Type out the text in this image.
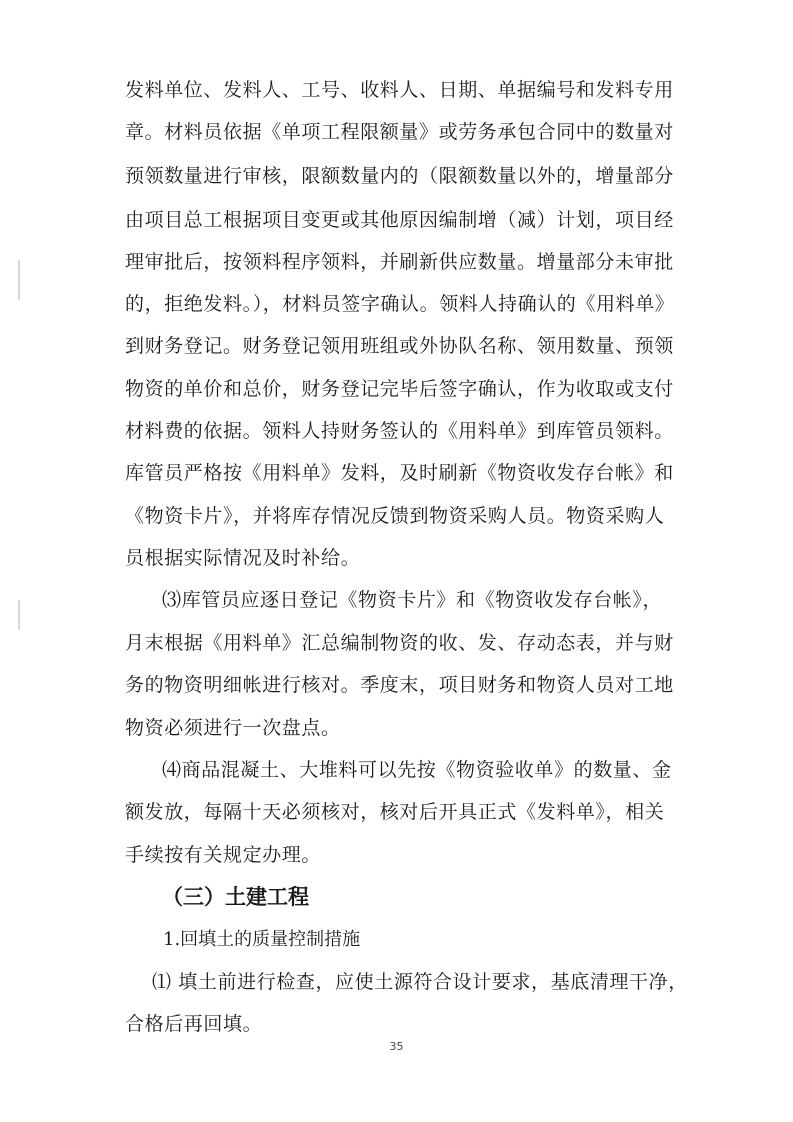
发料单位、发料人、工号、收料人、日期、单据编号和发料专用
章。材料员依据《单项工程限额量》或劳务承包合同中的数量对
预领数量进行审核，限额数量内的（限额数量以外的，增量部分
由项目总工根据项目变更或其他原因编制增（减）计划，项目经
理审批后，按领料程序领料，并刷新供应数量。增量部分未审批
的，拒绝发料。），材料员签字确认。领料人持确认的《用料单》
到财务登记。财务登记领用班组或外协队名称、领用数量、预领
物资的单价和总价，财务登记完毕后签字确认，作为收取或支付
材料费的依据。领料人持财务签认的《用料单》到库管员领料。
库管员严格按《用料单》发料，及时刷新《物资收发存台帐》和
《物资卡片》，并将库存情况反馈到物资采购人员。物资采购人
员根据实际情况及时补给。
⑶库管员应逐日登记《物资卡片》和《物资收发存台帐》，
月末根据《用料单》汇总编制物资的收、发、存动态表，并与财
务的物资明细帐进行核对。季度末，项目财务和物资人员对工地
物资必须进行一次盘点。
⑷商品混凝土、大堆料可以先按《物资验收单》的数量、金
额发放，每隔十天必须核对，核对后开具正式《发料单》，相关
手续按有关规定办理。
（三）土建工程
1.回填土的质量控制措施
⑴ 填土前进行检查，应使土源符合设计要求，基底清理干净，
合格后再回填。
35
